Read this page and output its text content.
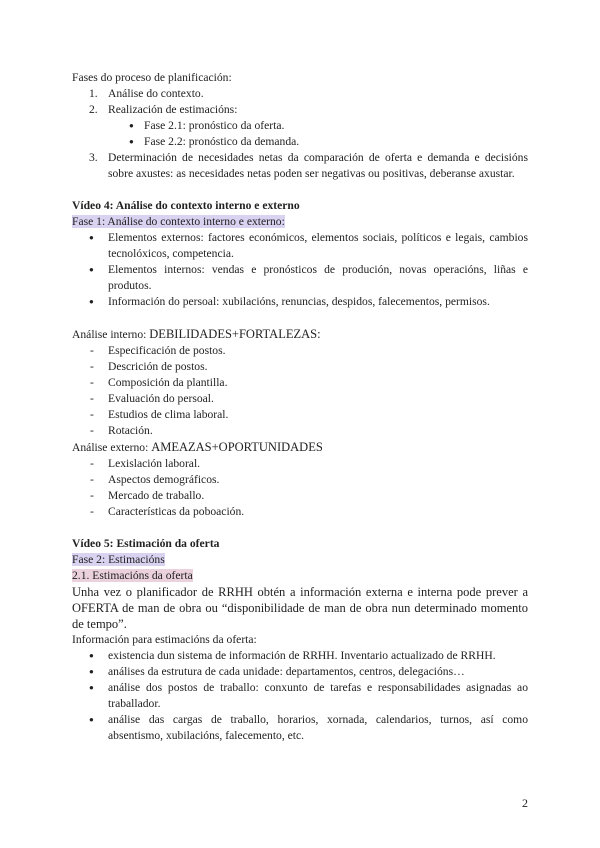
Fases do proceso de planificación:

1. Análise do contexto.
2. Realización de estimacións:
● Fase 2.1: pronóstico da oferta.
● Fase 2.2: pronóstico da demanda.
3. Determinación de necesidades netas da comparación de oferta e demanda e decisións sobre axustes: as necesidades netas poden ser negativas ou positivas, deberanse axustar.

Vídeo 4: Análise do contexto interno e externo

Fase 1: Análise do contexto interno e externo:

● Elementos externos: factores económicos, elementos sociais, políticos e legais, cambios tecnolóxicos, competencia.
● Elementos internos: vendas e pronósticos de produción, novas operacións, liñas e produtos.
● Información do persoal: xubilacións, renuncias, despidos, falecementos, permisos.

Análise interno: DEBILIDADES+FORTALEZAS:

- Especificación de postos.
- Descrición de postos.
- Composición da plantilla.
- Evaluación do persoal.
- Estudios de clima laboral.
- Rotación.

Análise externo: AMEAZAS+OPORTUNIDADES

- Lexislación laboral.
- Aspectos demográficos.
- Mercado de traballo.
- Características da poboación.

Vídeo 5: Estimación da oferta

Fase 2: Estimacións

2.1. Estimacións da oferta

Unha vez o planificador de RRHH obtén a información externa e interna pode prever a OFERTA de man de obra ou “disponibilidade de man de obra nun determinado momento de tempo”.

Información para estimacións da oferta:

● existencia dun sistema de información de RRHH. Inventario actualizado de RRHH.
● análises da estrutura de cada unidade: departamentos, centros, delegacións…
● análise dos postos de traballo: conxunto de tarefas e responsabilidades asignadas ao traballador.
● análise das cargas de traballo, horarios, xornada, calendarios, turnos, así como absentismo, xubilacións, falecemento, etc.
2
